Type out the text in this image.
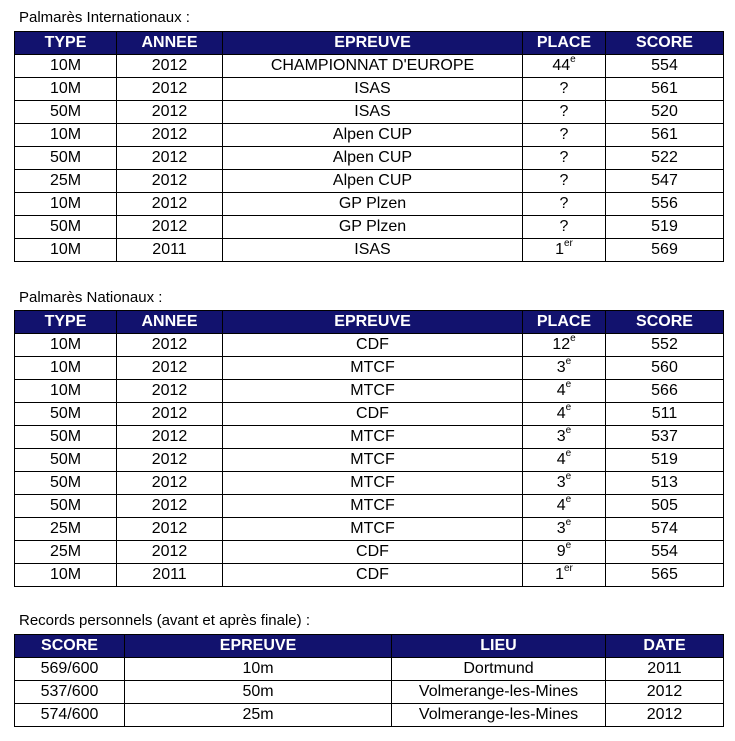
Palmarès Internationaux :
TYPE	ANNEE	EPREUVE	PLACE	SCORE
10M	2012	CHAMPIONNAT D'EUROPE	44e	554
10M	2012	ISAS	?	561
50M	2012	ISAS	?	520
10M	2012	Alpen CUP	?	561
50M	2012	Alpen CUP	?	522
25M	2012	Alpen CUP	?	547
10M	2012	GP Plzen	?	556
50M	2012	GP Plzen	?	519
10M	2011	ISAS	1er	569
Palmarès Nationaux :
TYPE	ANNEE	EPREUVE	PLACE	SCORE
10M	2012	CDF	12e	552
10M	2012	MTCF	3e	560
10M	2012	MTCF	4e	566
50M	2012	CDF	4e	511
50M	2012	MTCF	3e	537
50M	2012	MTCF	4e	519
50M	2012	MTCF	3e	513
50M	2012	MTCF	4e	505
25M	2012	MTCF	3e	574
25M	2012	CDF	9e	554
10M	2011	CDF	1er	565
Records personnels (avant et après finale) :
SCORE	EPREUVE	LIEU	DATE
569/600	10m	Dortmund	2011
537/600	50m	Volmerange-les-Mines	2012
574/600	25m	Volmerange-les-Mines	2012
